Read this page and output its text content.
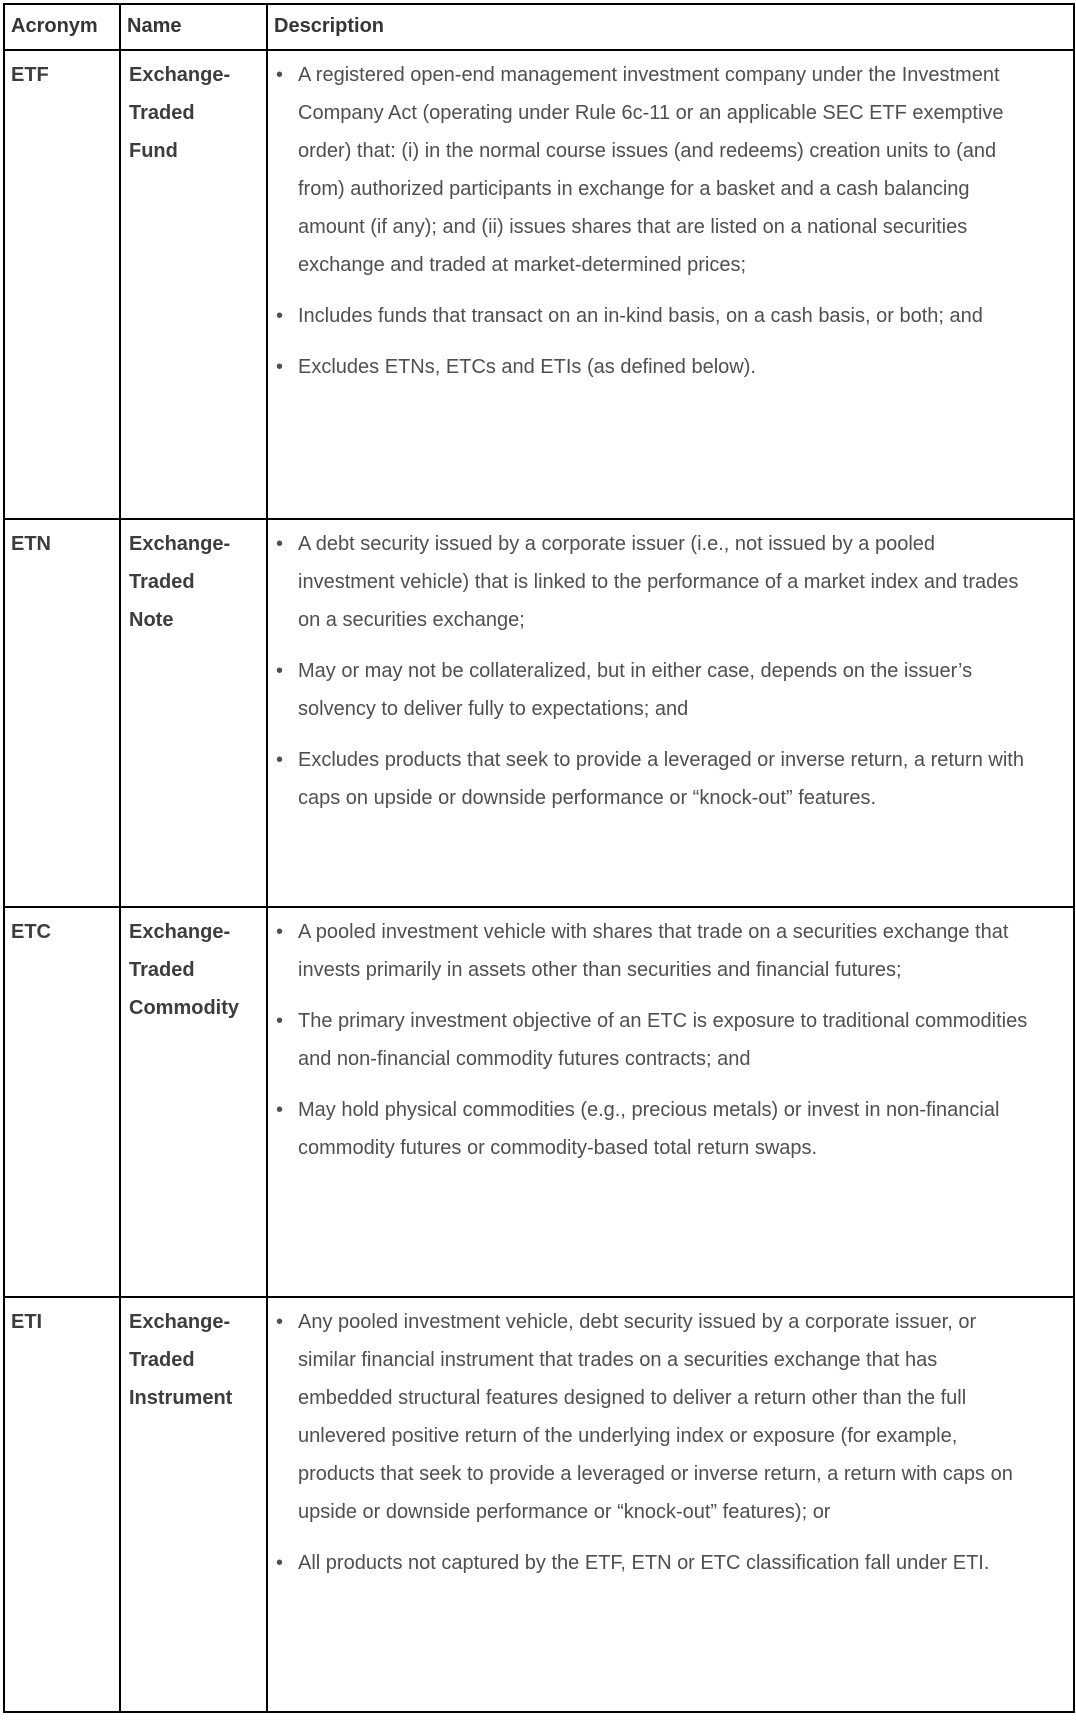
Acronym	Name	Description
ETF	Exchange-Traded Fund	
• A registered open-end management investment company under the Investment Company Act (operating under Rule 6c-11 or an applicable SEC ETF exemptive order) that: (i) in the normal course issues (and redeems) creation units to (and from) authorized participants in exchange for a basket and a cash balancing amount (if any); and (ii) issues shares that are listed on a national securities exchange and traded at market-determined prices;
• Includes funds that transact on an in-kind basis, on a cash basis, or both; and
• Excludes ETNs, ETCs and ETIs (as defined below).

ETN	Exchange-Traded Note	
• A debt security issued by a corporate issuer (i.e., not issued by a pooled investment vehicle) that is linked to the performance of a market index and trades on a securities exchange;
• May or may not be collateralized, but in either case, depends on the issuer’s solvency to deliver fully to expectations; and
• Excludes products that seek to provide a leveraged or inverse return, a return with caps on upside or downside performance or “knock-out” features.

ETC	Exchange-Traded Commodity	
• A pooled investment vehicle with shares that trade on a securities exchange that invests primarily in assets other than securities and financial futures;
• The primary investment objective of an ETC is exposure to traditional commodities and non-financial commodity futures contracts; and
• May hold physical commodities (e.g., precious metals) or invest in non-financial commodity futures or commodity-based total return swaps.

ETI	Exchange-Traded Instrument	
• Any pooled investment vehicle, debt security issued by a corporate issuer, or similar financial instrument that trades on a securities exchange that has embedded structural features designed to deliver a return other than the full unlevered positive return of the underlying index or exposure (for example, products that seek to provide a leveraged or inverse return, a return with caps on upside or downside performance or “knock-out” features); or
• All products not captured by the ETF, ETN or ETC classification fall under ETI.
